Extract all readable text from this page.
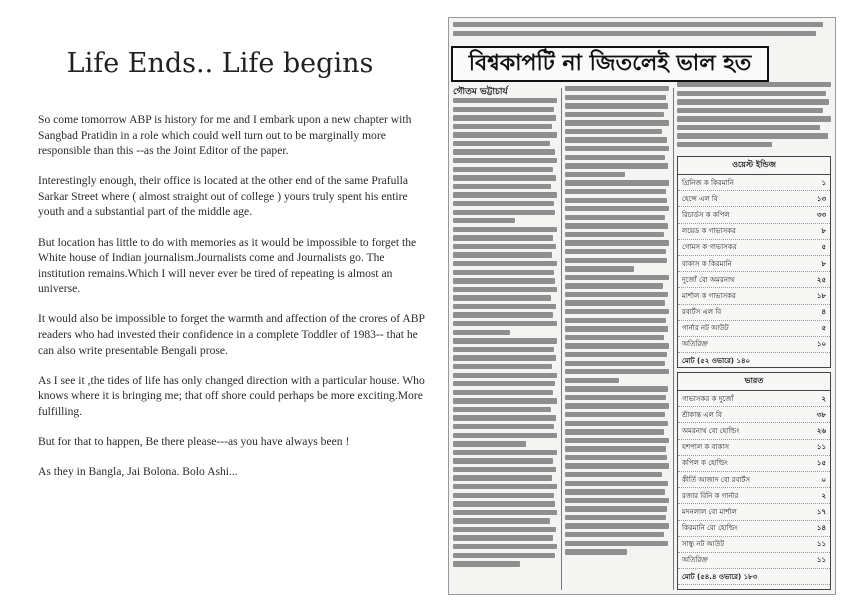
Life Ends.. Life begins

So come tomorrow ABP is history for me and I embark upon a new chapter with Sangbad Pratidin in a role which could well turn out to be marginally more responsible than this --as the Joint Editor of the paper.

Interestingly enough, their office is located at the other end of the same Prafulla Sarkar Street where ( almost straight out of college ) yours truly spent his entire youth and a substantial part of the middle age.

But location has little to do with memories as it would be impossible to forget the White house of Indian journalism.Journalists come and Journalists go. The institution remains.Which I will never ever be tired of repeating is almost an universe.

It would also be impossible to forget the warmth and affection of the crores of ABP readers who had invested their confidence in a complete Toddler of 1983-- that he can also write presentable Bengali prose.

As I see it ,the tides of life has only changed direction with a particular house. Who knows where it is bringing me; that off shore could perhaps be more exciting.More fulfilling.

But for that to happen, Be there please---as you have always been !

As they in Bangla, Jai Bolona. Bolo Ashi...

বিশ্বকাপটি না জিতলেই ভাল হত
গৌতম ভট্টাচার্য
ওয়েস্ট ইন্ডিজ
গ্রিনিজ ক কিরমানি	১
হেন্সে এল বি	১৩
রিচার্ডস ক কপিল	৩৩
লয়েড ক গাভাসকর	৮
গোমস ক গাভাসকর	৫
বাকাস ক কিরমানি	৮
দুজোঁ বো অমরনাথ	২৫
মার্শাল ক গাভাসকর	১৮
রবার্টস এল বি	৪
গার্নার নট আউট	৫
অতিরিক্ত	১০
মোট (৫২ ওভারে) ১৪০
ভারত
গাভাসকর ক দুজোঁ	২
শ্রীকান্ত এল বি	৩৮
অমরনাথ বো হোল্ডিং	২৬
যশপাল ক বাকাস	১১
কপিল ক হোল্ডিং	১৫
কীর্তি আজাদ বো রবার্টস	০
রজার বিনি ক গার্নার	২
মদনলাল বো মার্শাল	১৭
কিরমানি বো হোল্ডিং	১৪
সান্ধু নট আউট	১১
অতিরিক্ত	১১
মোট (৫৪.৪ ওভারে) ১৮৩
